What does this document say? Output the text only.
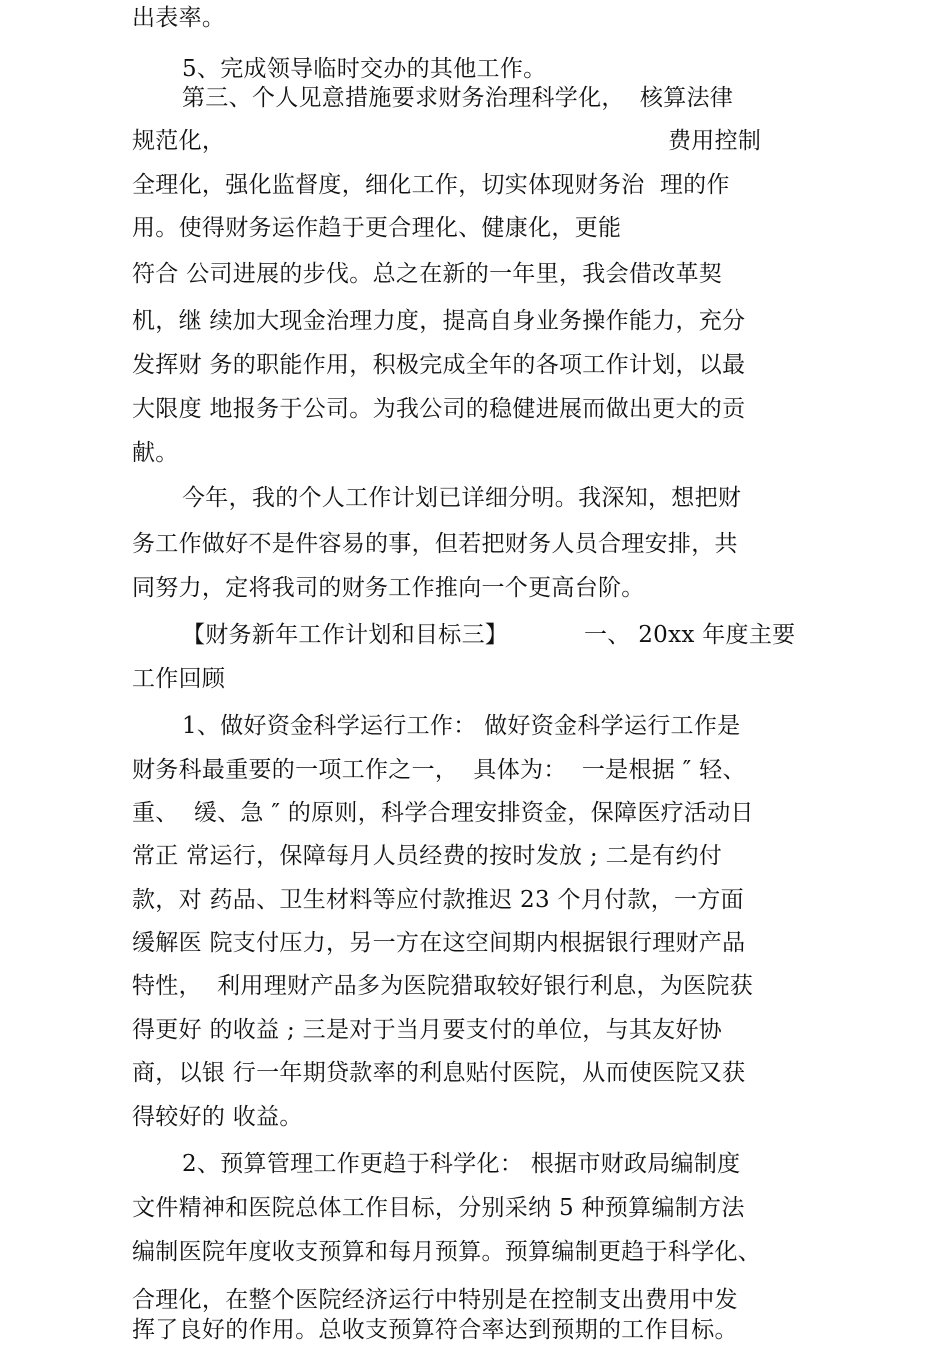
出表率。
5、完成领导临时交办的其他工作。
第三、个人见意措施要求财务治理科学化，  核算法律
规范化，	费用控制
全理化，强化监督度，细化工作，切实体现财务治  理的作
用。使得财务运作趋于更合理化、健康化，更能
符合 公司进展的步伐。总之在新的一年里，我会借改革契
机，继 续加大现金治理力度，提高自身业务操作能力，充分
发挥财 务的职能作用，积极完成全年的各项工作计划，以最
大限度 地报务于公司。为我公司的稳健进展而做出更大的贡
献。
今年，我的个人工作计划已详细分明。我深知，想把财
务工作做好不是件容易的事，但若把财务人员合理安排，共
同努力，定将我司的财务工作推向一个更高台阶。
【财务新年工作计划和目标三】	一、 20xx 年度主要
工作回顾
1、做好资金科学运行工作： 做好资金科学运行工作是
财务科最重要的一项工作之一，  具体为：  一是根据 ″ 轻、
重、  缓、急 ″ 的原则，科学合理安排资金，保障医疗活动日
常正 常运行，保障每月人员经费的按时发放 ; 二是有约付
款，对 药品、卫生材料等应付款推迟 23 个月付款，一方面
缓解医 院支付压力，另一方在这空间期内根据银行理财产品
特性，  利用理财产品多为医院猎取较好银行利息，为医院获
得更好 的收益 ; 三是对于当月要支付的单位，与其友好协
商，以银 行一年期贷款率的利息贴付医院，从而使医院又获
得较好的 收益。
2、预算管理工作更趋于科学化： 根据市财政局编制度
文件精神和医院总体工作目标，分别采纳 5 种预算编制方法
编制医院年度收支预算和每月预算。预算编制更趋于科学化、
合理化，在整个医院经济运行中特别是在控制支出费用中发
挥了良好的作用。总收支预算符合率达到预期的工作目标。
